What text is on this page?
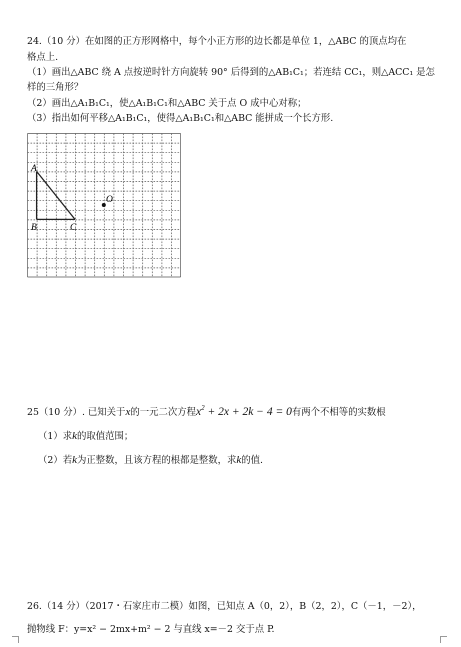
24.（10 分）在如图的正方形网格中，每个小正方形的边长都是单位 1，△ABC 的顶点均在
格点上.
（1）画出△ABC 绕 A 点按逆时针方向旋转 90° 后得到的△AB₁C₁；若连结 CC₁，则△ACC₁ 是怎
样的三角形？
（2）画出△A₁B₁C₁，使△A₁B₁C₁和△ABC 关于点 O 成中心对称；
（3）指出如何平移△A₁B₁C₁，使得△A₁B₁C₁和△ABC 能拼成一个长方形.
A
B	C
O
25（10 分）. 已知关于x的一元二次方程$x^2 + 2x + 2k - 4 = 0$有两个不相等的实数根
（1）求k的取值范围；
（2）若k为正整数，且该方程的根都是整数，求k的值.
26.（14 分）（2017・石家庄市二模）如图，已知点 A（0，2），B（2，2），C（－1，－2），
抛物线 F：y=x² − 2mx+m² − 2 与直线 x=－2 交于点 P.
